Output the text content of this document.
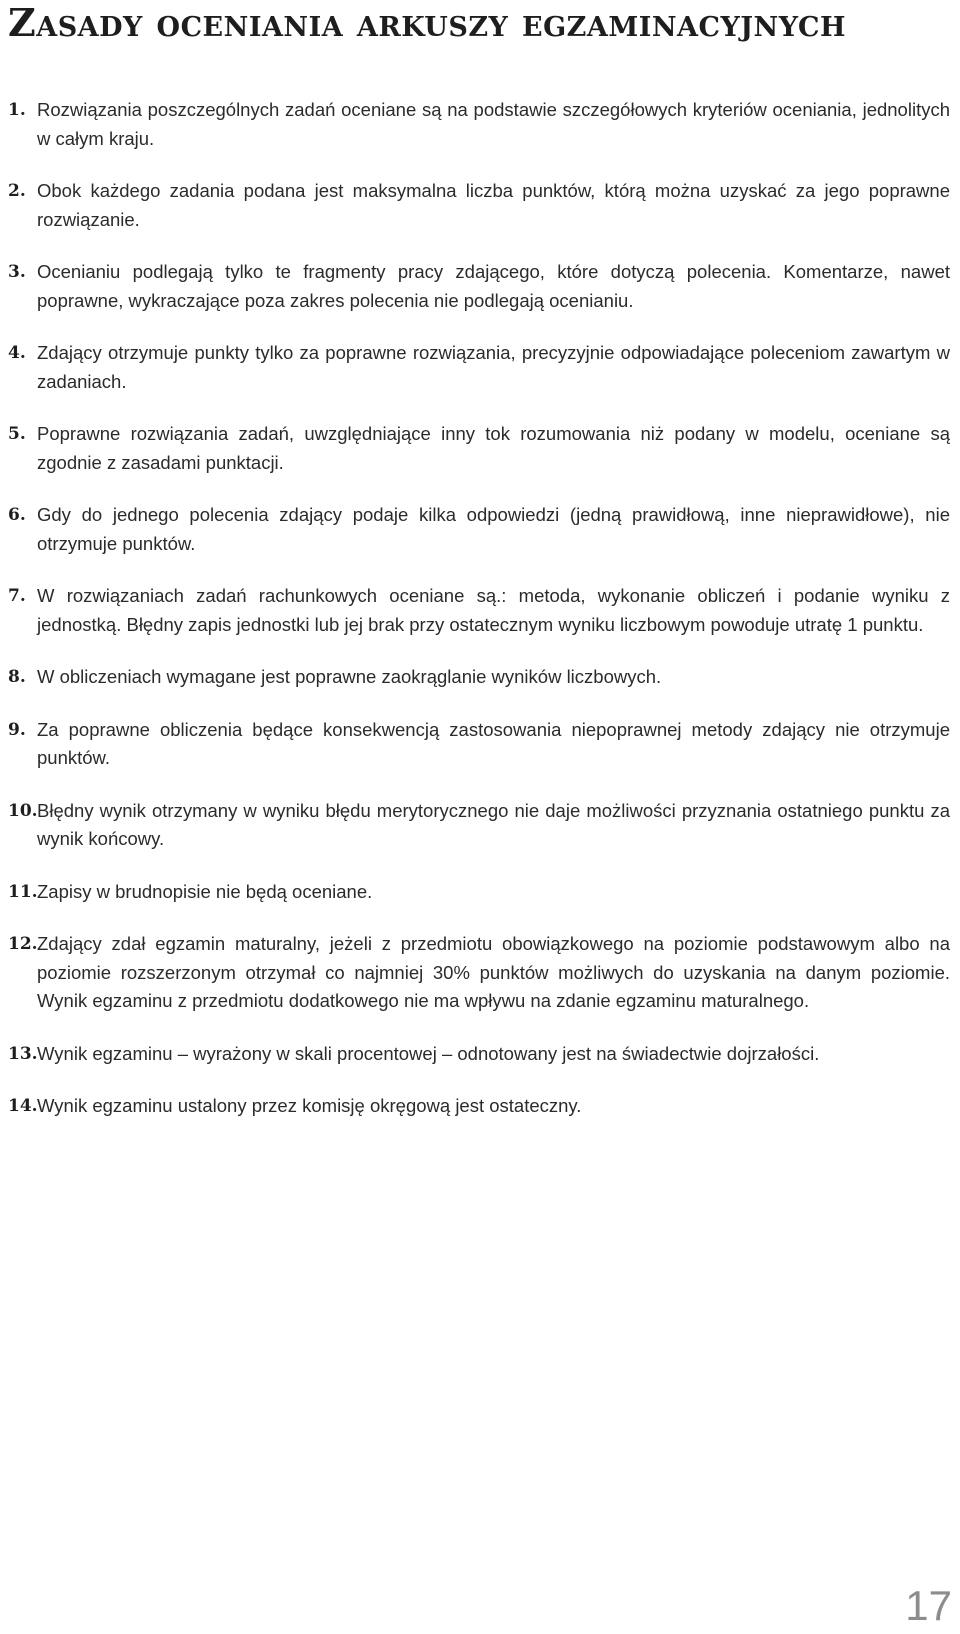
Zasady oceniania arkuszy egzaminacyjnych
1. Rozwiązania poszczególnych zadań oceniane są na podstawie szczegółowych kryteriów oceniania, jednolitych w całym kraju.
2. Obok każdego zadania podana jest maksymalna liczba punktów, którą można uzyskać za jego poprawne rozwiązanie.
3. Ocenianiu podlegają tylko te fragmenty pracy zdającego, które dotyczą polecenia. Komentarze, nawet poprawne, wykraczające poza zakres polecenia nie podlegają ocenianiu.
4. Zdający otrzymuje punkty tylko za poprawne rozwiązania, precyzyjnie odpowiadające poleceniom zawartym w zadaniach.
5. Poprawne rozwiązania zadań, uwzględniające inny tok rozumowania niż podany w modelu, oceniane są zgodnie z zasadami punktacji.
6. Gdy do jednego polecenia zdający podaje kilka odpowiedzi (jedną prawidłową, inne nieprawidłowe), nie otrzymuje punktów.
7. W rozwiązaniach zadań rachunkowych oceniane są.: metoda, wykonanie obliczeń i podanie wyniku z jednostką. Błędny zapis jednostki lub jej brak przy ostatecznym wyniku liczbowym powoduje utratę 1 punktu.
8. W obliczeniach wymagane jest poprawne zaokrąglanie wyników liczbowych.
9. Za poprawne obliczenia będące konsekwencją zastosowania niepoprawnej metody zdający nie otrzymuje punktów.
10. Błędny wynik otrzymany w wyniku błędu merytorycznego nie daje możliwości przyznania ostatniego punktu za wynik końcowy.
11. Zapisy w brudnopisie nie będą oceniane.
12. Zdający zdał egzamin maturalny, jeżeli z przedmiotu obowiązkowego na poziomie podstawowym albo na poziomie rozszerzonym otrzymał co najmniej 30% punktów możliwych do uzyskania na danym poziomie. Wynik egzaminu z przedmiotu dodatkowego nie ma wpływu na zdanie egzaminu maturalnego.
13. Wynik egzaminu – wyrażony w skali procentowej – odnotowany jest na świadectwie dojrzałości.
14. Wynik egzaminu ustalony przez komisję okręgową jest ostateczny.
17
